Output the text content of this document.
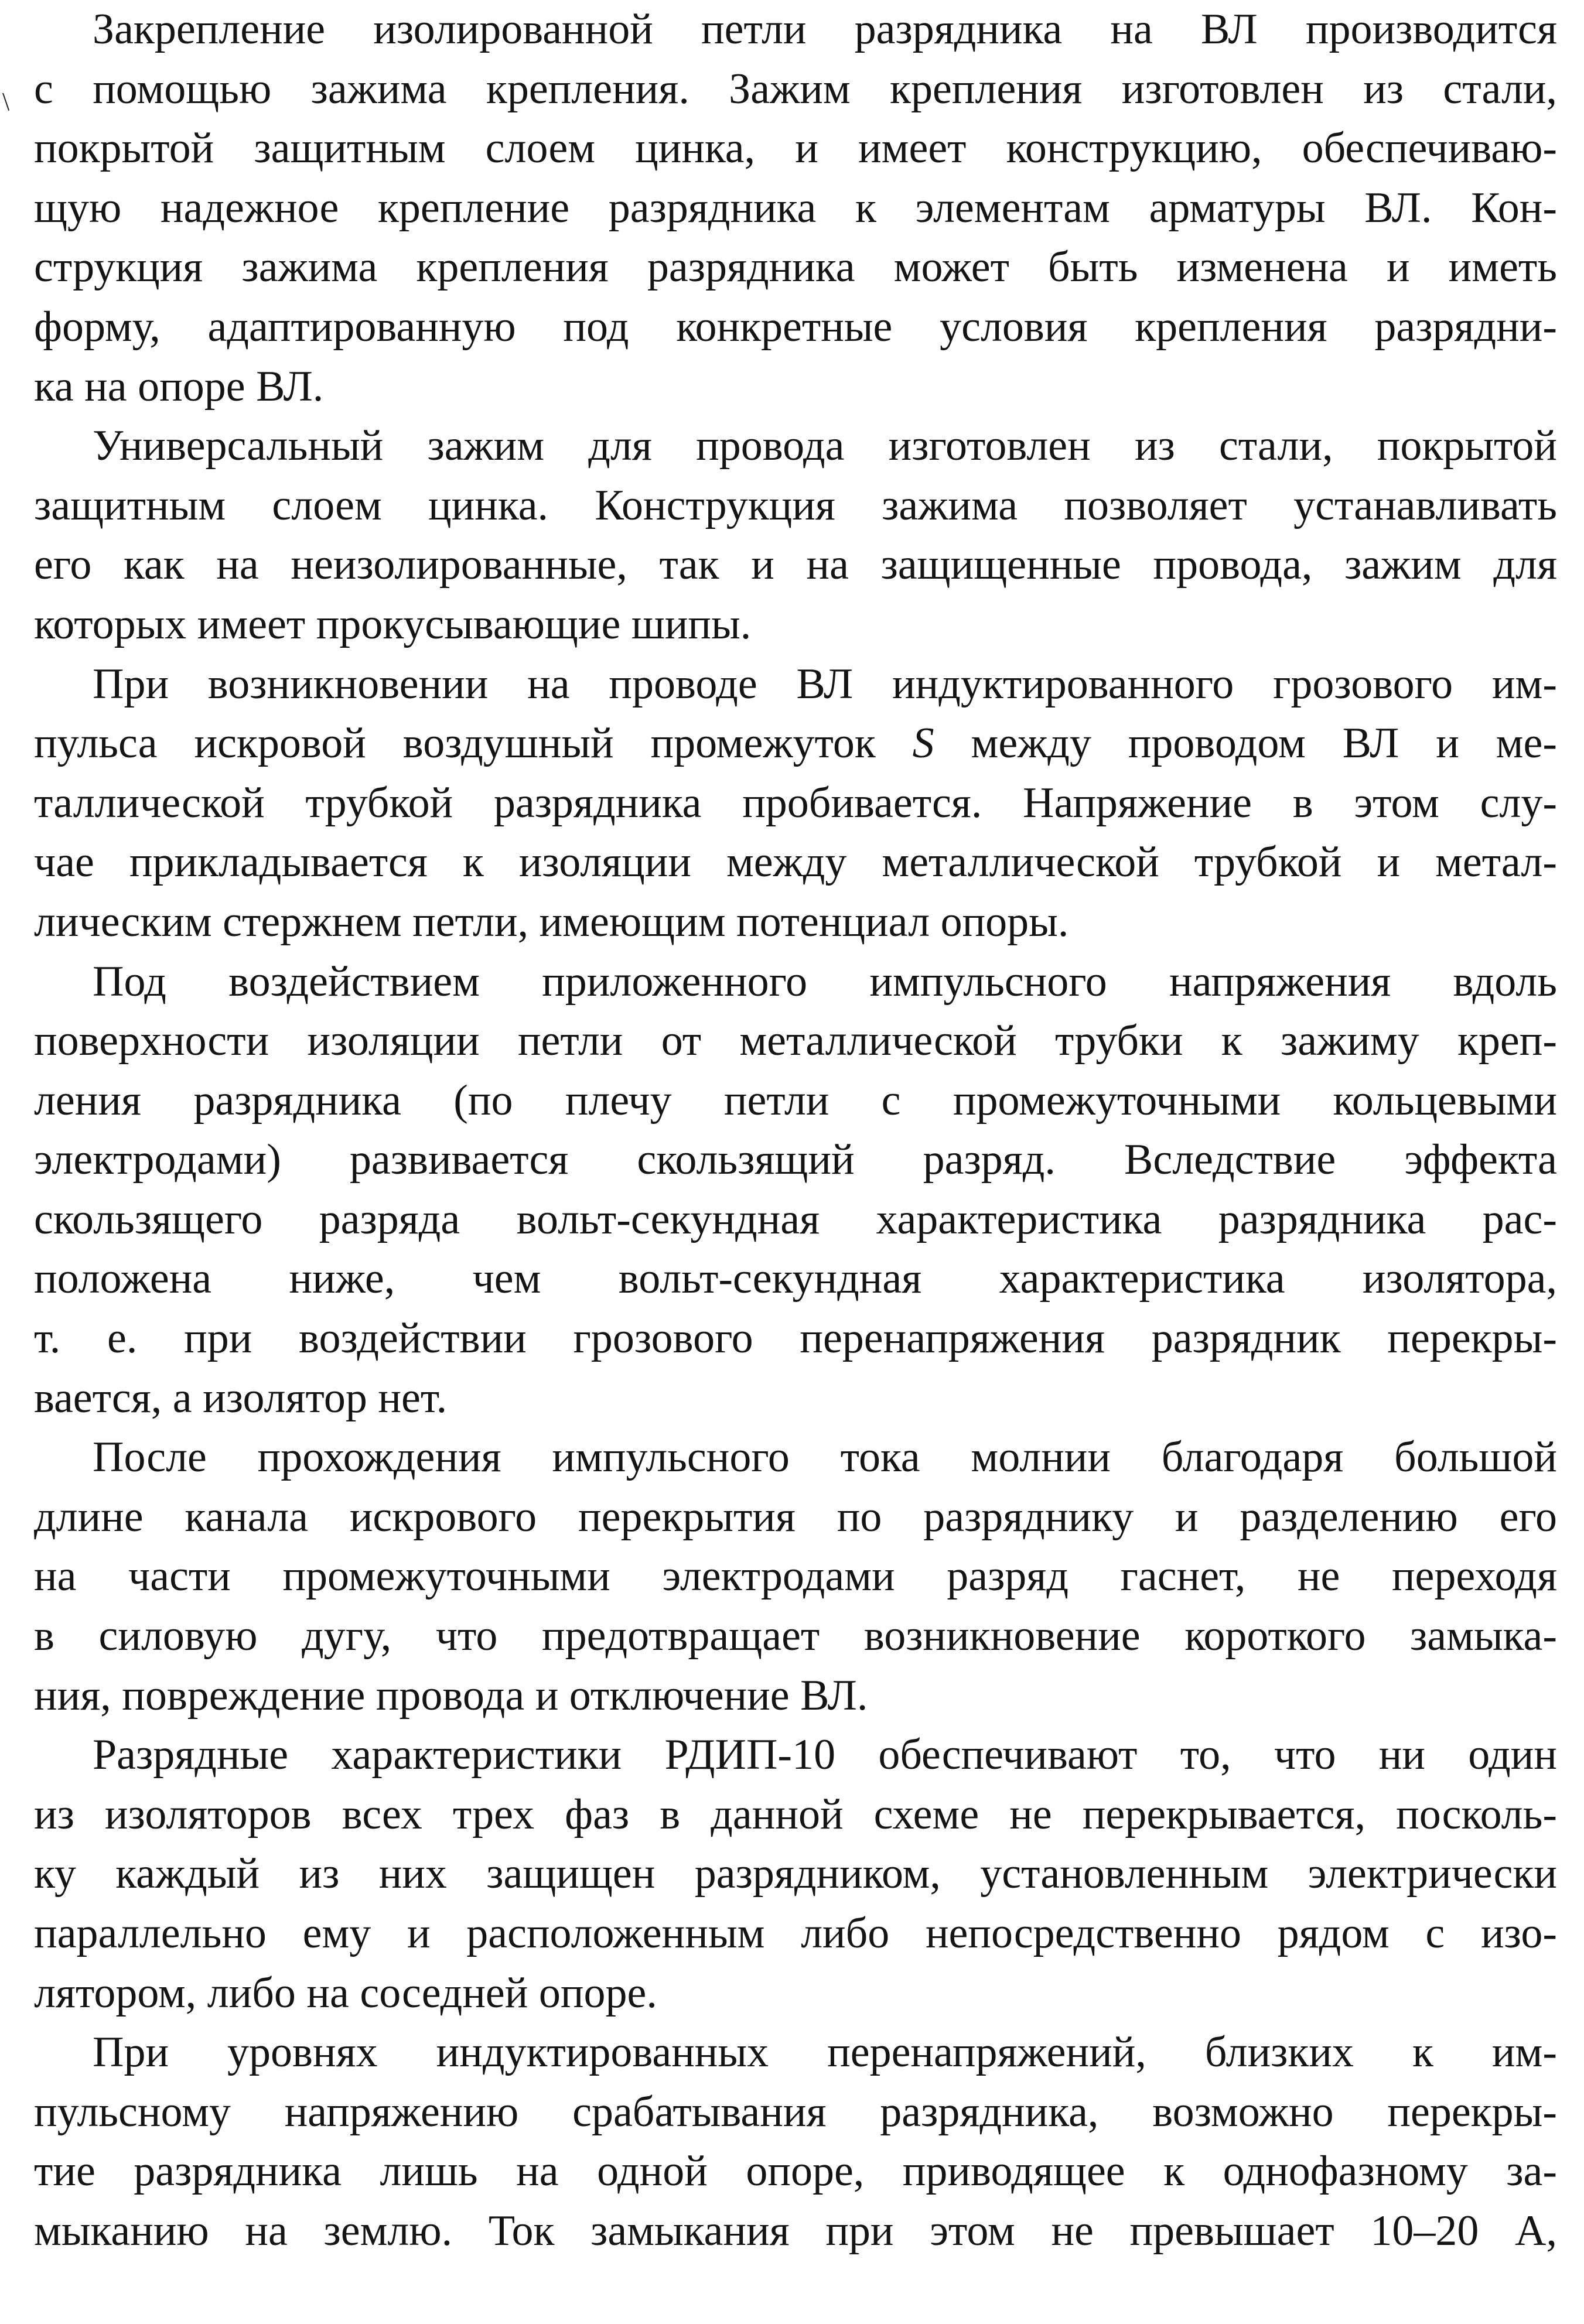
\

Закрепление изолированной петли разрядника на ВЛ производится
с помощью зажима крепления. Зажим крепления изготовлен из стали,
покрытой защитным слоем цинка, и имеет конструкцию, обеспечиваю-
щую надежное крепление разрядника к элементам арматуры ВЛ. Кон-
струкция зажима крепления разрядника может быть изменена и иметь
форму, адаптированную под конкретные условия крепления разрядни-
ка на опоре ВЛ.

Универсальный зажим для провода изготовлен из стали, покрытой
защитным слоем цинка. Конструкция зажима позволяет устанавливать
его как на неизолированные, так и на защищенные провода, зажим для
которых имеет прокусывающие шипы.

При возникновении на проводе ВЛ индуктированного грозового им-
пульса искровой воздушный промежуток S между проводом ВЛ и ме-
таллической трубкой разрядника пробивается. Напряжение в этом слу-
чае прикладывается к изоляции между металлической трубкой и метал-
лическим стержнем петли, имеющим потенциал опоры.

Под воздействием приложенного импульсного напряжения вдоль
поверхности изоляции петли от металлической трубки к зажиму креп-
ления разрядника (по плечу петли с промежуточными кольцевыми
электродами) развивается скользящий разряд. Вследствие эффекта
скользящего разряда вольт-секундная характеристика разрядника рас-
положена ниже, чем вольт-секундная характеристика изолятора,
т. е. при воздействии грозового перенапряжения разрядник перекры-
вается, а изолятор нет.

После прохождения импульсного тока молнии благодаря большой
длине канала искрового перекрытия по разряднику и разделению его
на части промежуточными электродами разряд гаснет, не переходя
в силовую дугу, что предотвращает возникновение короткого замыка-
ния, повреждение провода и отключение ВЛ.

Разрядные характеристики РДИП-10 обеспечивают то, что ни один
из изоляторов всех трех фаз в данной схеме не перекрывается, посколь-
ку каждый из них защищен разрядником, установленным электрически
параллельно ему и расположенным либо непосредственно рядом с изо-
лятором, либо на соседней опоре.

При уровнях индуктированных перенапряжений, близких к им-
пульсному напряжению срабатывания разрядника, возможно перекры-
тие разрядника лишь на одной опоре, приводящее к однофазному за-
мыканию на землю. Ток замыкания при этом не превышает 10–20 А,
